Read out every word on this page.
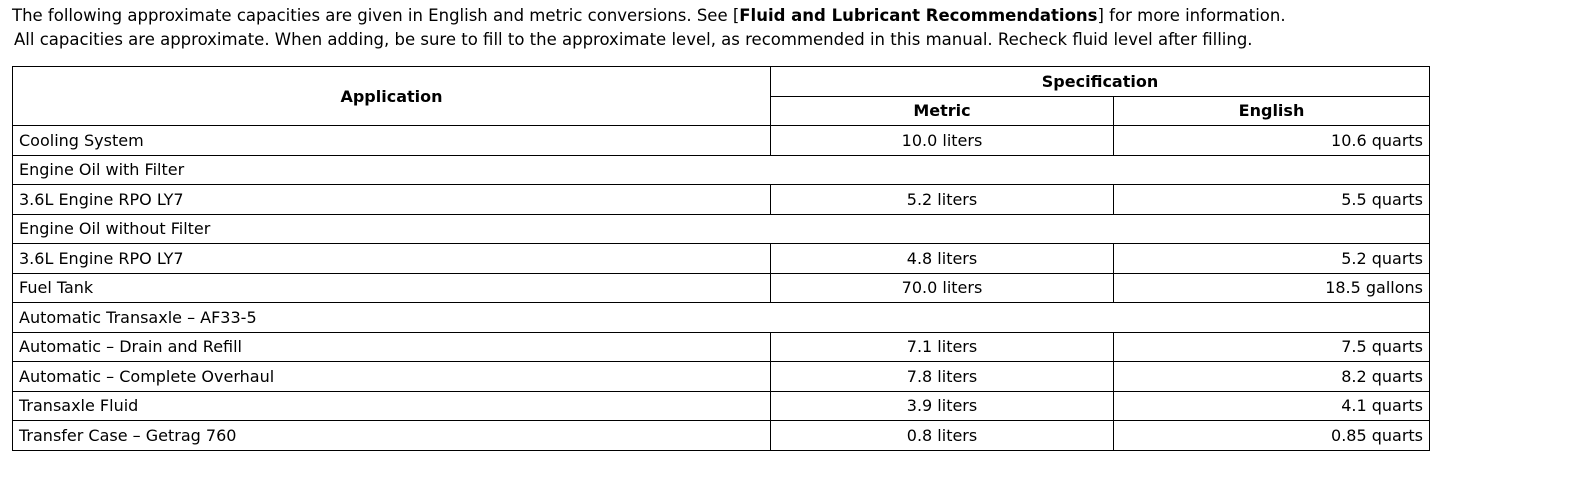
The following approximate capacities are given in English and metric conversions. See [Fluid and Lubricant Recommendations] for more information.
All capacities are approximate. When adding, be sure to fill to the approximate level, as recommended in this manual. Recheck fluid level after filling.
Application	Specification	
	Metric	English
Cooling System	10.0 liters	10.6 quarts
Engine Oil with Filter		
3.6L Engine RPO LY7	5.2 liters	5.5 quarts
Engine Oil without Filter		
3.6L Engine RPO LY7	4.8 liters	5.2 quarts
Fuel Tank	70.0 liters	18.5 gallons
Automatic Transaxle – AF33-5		
Automatic – Drain and Refill	7.1 liters	7.5 quarts
Automatic – Complete Overhaul	7.8 liters	8.2 quarts
Transaxle Fluid	3.9 liters	4.1 quarts
Transfer Case – Getrag 760	0.8 liters	0.85 quarts
